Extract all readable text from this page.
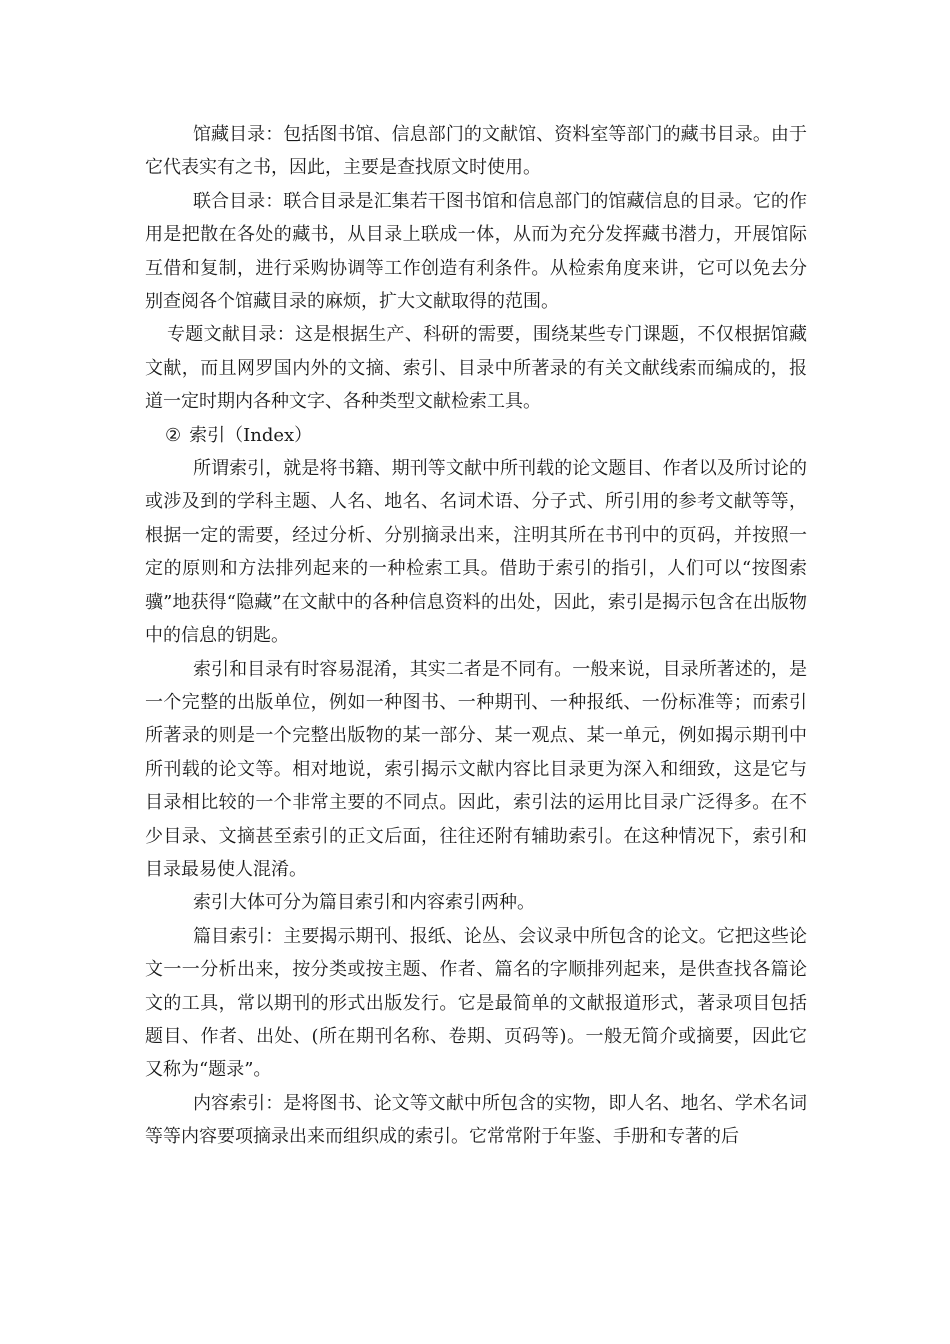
馆藏目录：包括图书馆、信息部门的文献馆、资料室等部门的藏书目录。由于它代表实有之书，因此，主要是查找原文时使用。

联合目录：联合目录是汇集若干图书馆和信息部门的馆藏信息的目录。它的作用是把散在各处的藏书，从目录上联成一体，从而为充分发挥藏书潜力，开展馆际互借和复制，进行采购协调等工作创造有利条件。从检索角度来讲，它可以免去分别查阅各个馆藏目录的麻烦，扩大文献取得的范围。

专题文献目录：这是根据生产、科研的需要，围绕某些专门课题，不仅根据馆藏文献，而且网罗国内外的文摘、索引、目录中所著录的有关文献线索而编成的，报道一定时期内各种文字、各种类型文献检索工具。

② 索引（Index）

所谓索引，就是将书籍、期刊等文献中所刊载的论文题目、作者以及所讨论的或涉及到的学科主题、人名、地名、名词术语、分子式、所引用的参考文献等等，根据一定的需要，经过分析、分别摘录出来，注明其所在书刊中的页码，并按照一定的原则和方法排列起来的一种检索工具。借助于索引的指引，人们可以“按图索骥”地获得“隐藏”在文献中的各种信息资料的出处，因此，索引是揭示包含在出版物中的信息的钥匙。

索引和目录有时容易混淆，其实二者是不同有。一般来说，目录所著述的，是一个完整的出版单位，例如一种图书、一种期刊、一种报纸、一份标准等；而索引所著录的则是一个完整出版物的某一部分、某一观点、某一单元，例如揭示期刊中所刊载的论文等。相对地说，索引揭示文献内容比目录更为深入和细致，这是它与目录相比较的一个非常主要的不同点。因此，索引法的运用比目录广泛得多。在不少目录、文摘甚至索引的正文后面，往往还附有辅助索引。在这种情况下，索引和目录最易使人混淆。

索引大体可分为篇目索引和内容索引两种。

篇目索引：主要揭示期刊、报纸、论丛、会议录中所包含的论文。它把这些论文一一分析出来，按分类或按主题、作者、篇名的字顺排列起来，是供查找各篇论文的工具，常以期刊的形式出版发行。它是最简单的文献报道形式，著录项目包括题目、作者、出处、(所在期刊名称、卷期、页码等)。一般无简介或摘要，因此它又称为“题录”。

内容索引：是将图书、论文等文献中所包含的实物，即人名、地名、学术名词等等内容要项摘录出来而组织成的索引。它常常附于年鉴、手册和专著的后
